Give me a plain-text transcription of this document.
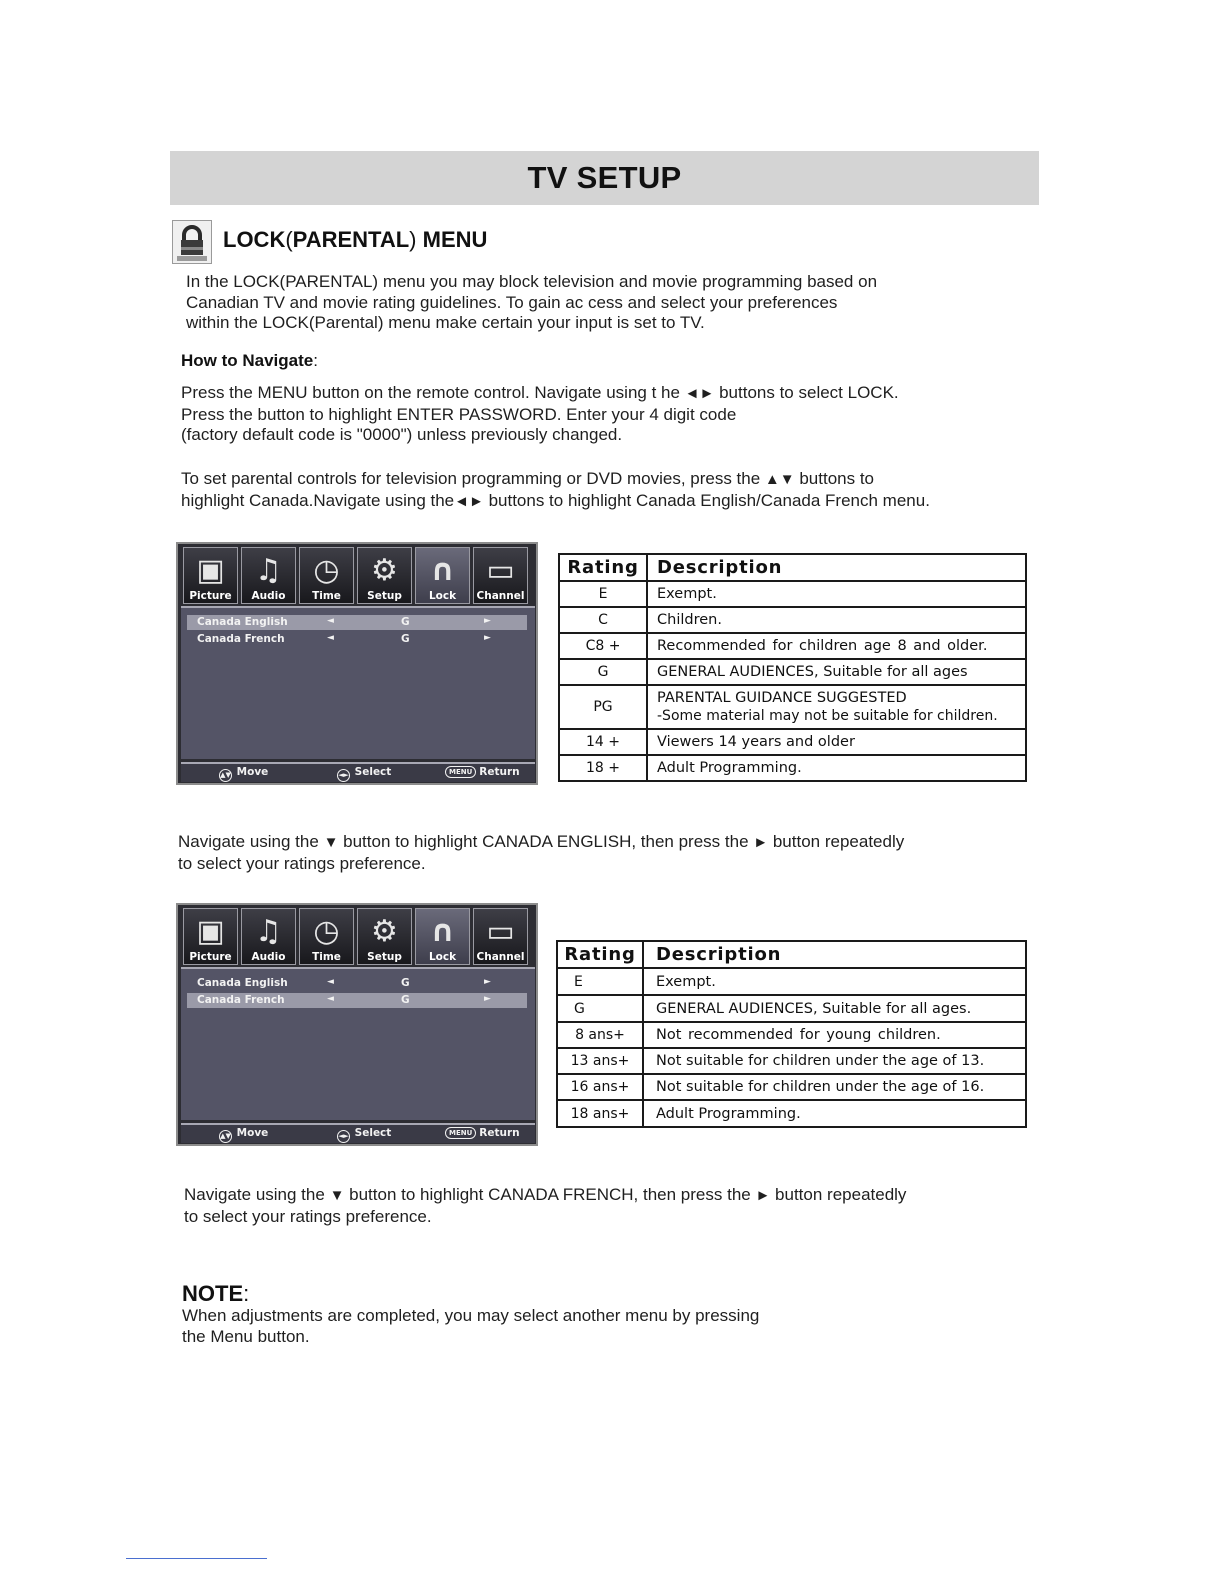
TV SETUP
LOCK(PARENTAL) MENU

In the LOCK(PARENTAL) menu you may block television and movie programming based on

Canadian TV and movie rating guidelines. To gain ac cess and select your preferences

within the LOCK(Parental) menu make certain your input is set to TV.

How to Navigate:

Press the MENU button on the remote control. Navigate using t he ◄► buttons to select LOCK.

Press the button to highlight ENTER PASSWORD. Enter your 4 digit code

(factory default code is "0000") unless previously changed.

To set parental controls for television programming or DVD movies, press the ▲▼ buttons to

highlight Canada.Navigate using the◄► buttons to highlight Canada English/Canada French menu.

▣
Picture
♫
Audio
◷
Time
⚙
Setup
∩
Lock
▭
Channel
Canada English	◄	G	►
Canada French	◄	G	►
▲▼ Move	◄► Select	MENU Return
Rating	Description
E	Exempt.
C	Children.
C8 +	Recommended for children age 8 and older.
G	GENERAL AUDIENCES, Suitable for all ages
PG	PARENTAL GUIDANCE SUGGESTED
-Some material may not be suitable for children.

14 +	Viewers 14 years and older
18 +	Adult Programming.

Navigate using the ▼ button to highlight CANADA ENGLISH, then press the ► button repeatedly

to select your ratings preference.

▣
Picture
♫
Audio
◷
Time
⚙
Setup
∩
Lock
▭
Channel
Canada English	◄	G	►
Canada French	◄	G	►
▲▼ Move	◄► Select	MENU Return
Rating	Description
E	Exempt.
G	GENERAL AUDIENCES, Suitable for all ages.
8 ans+	Not recommended for young children.
13 ans+	Not suitable for children under the age of 13.
16 ans+	Not suitable for children under the age of 16.
18 ans+	Adult Programming.

Navigate using the ▼ button to highlight CANADA FRENCH, then press the ► button repeatedly

to select your ratings preference.

NOTE:

When adjustments are completed, you may select another menu by pressing

the Menu button.
